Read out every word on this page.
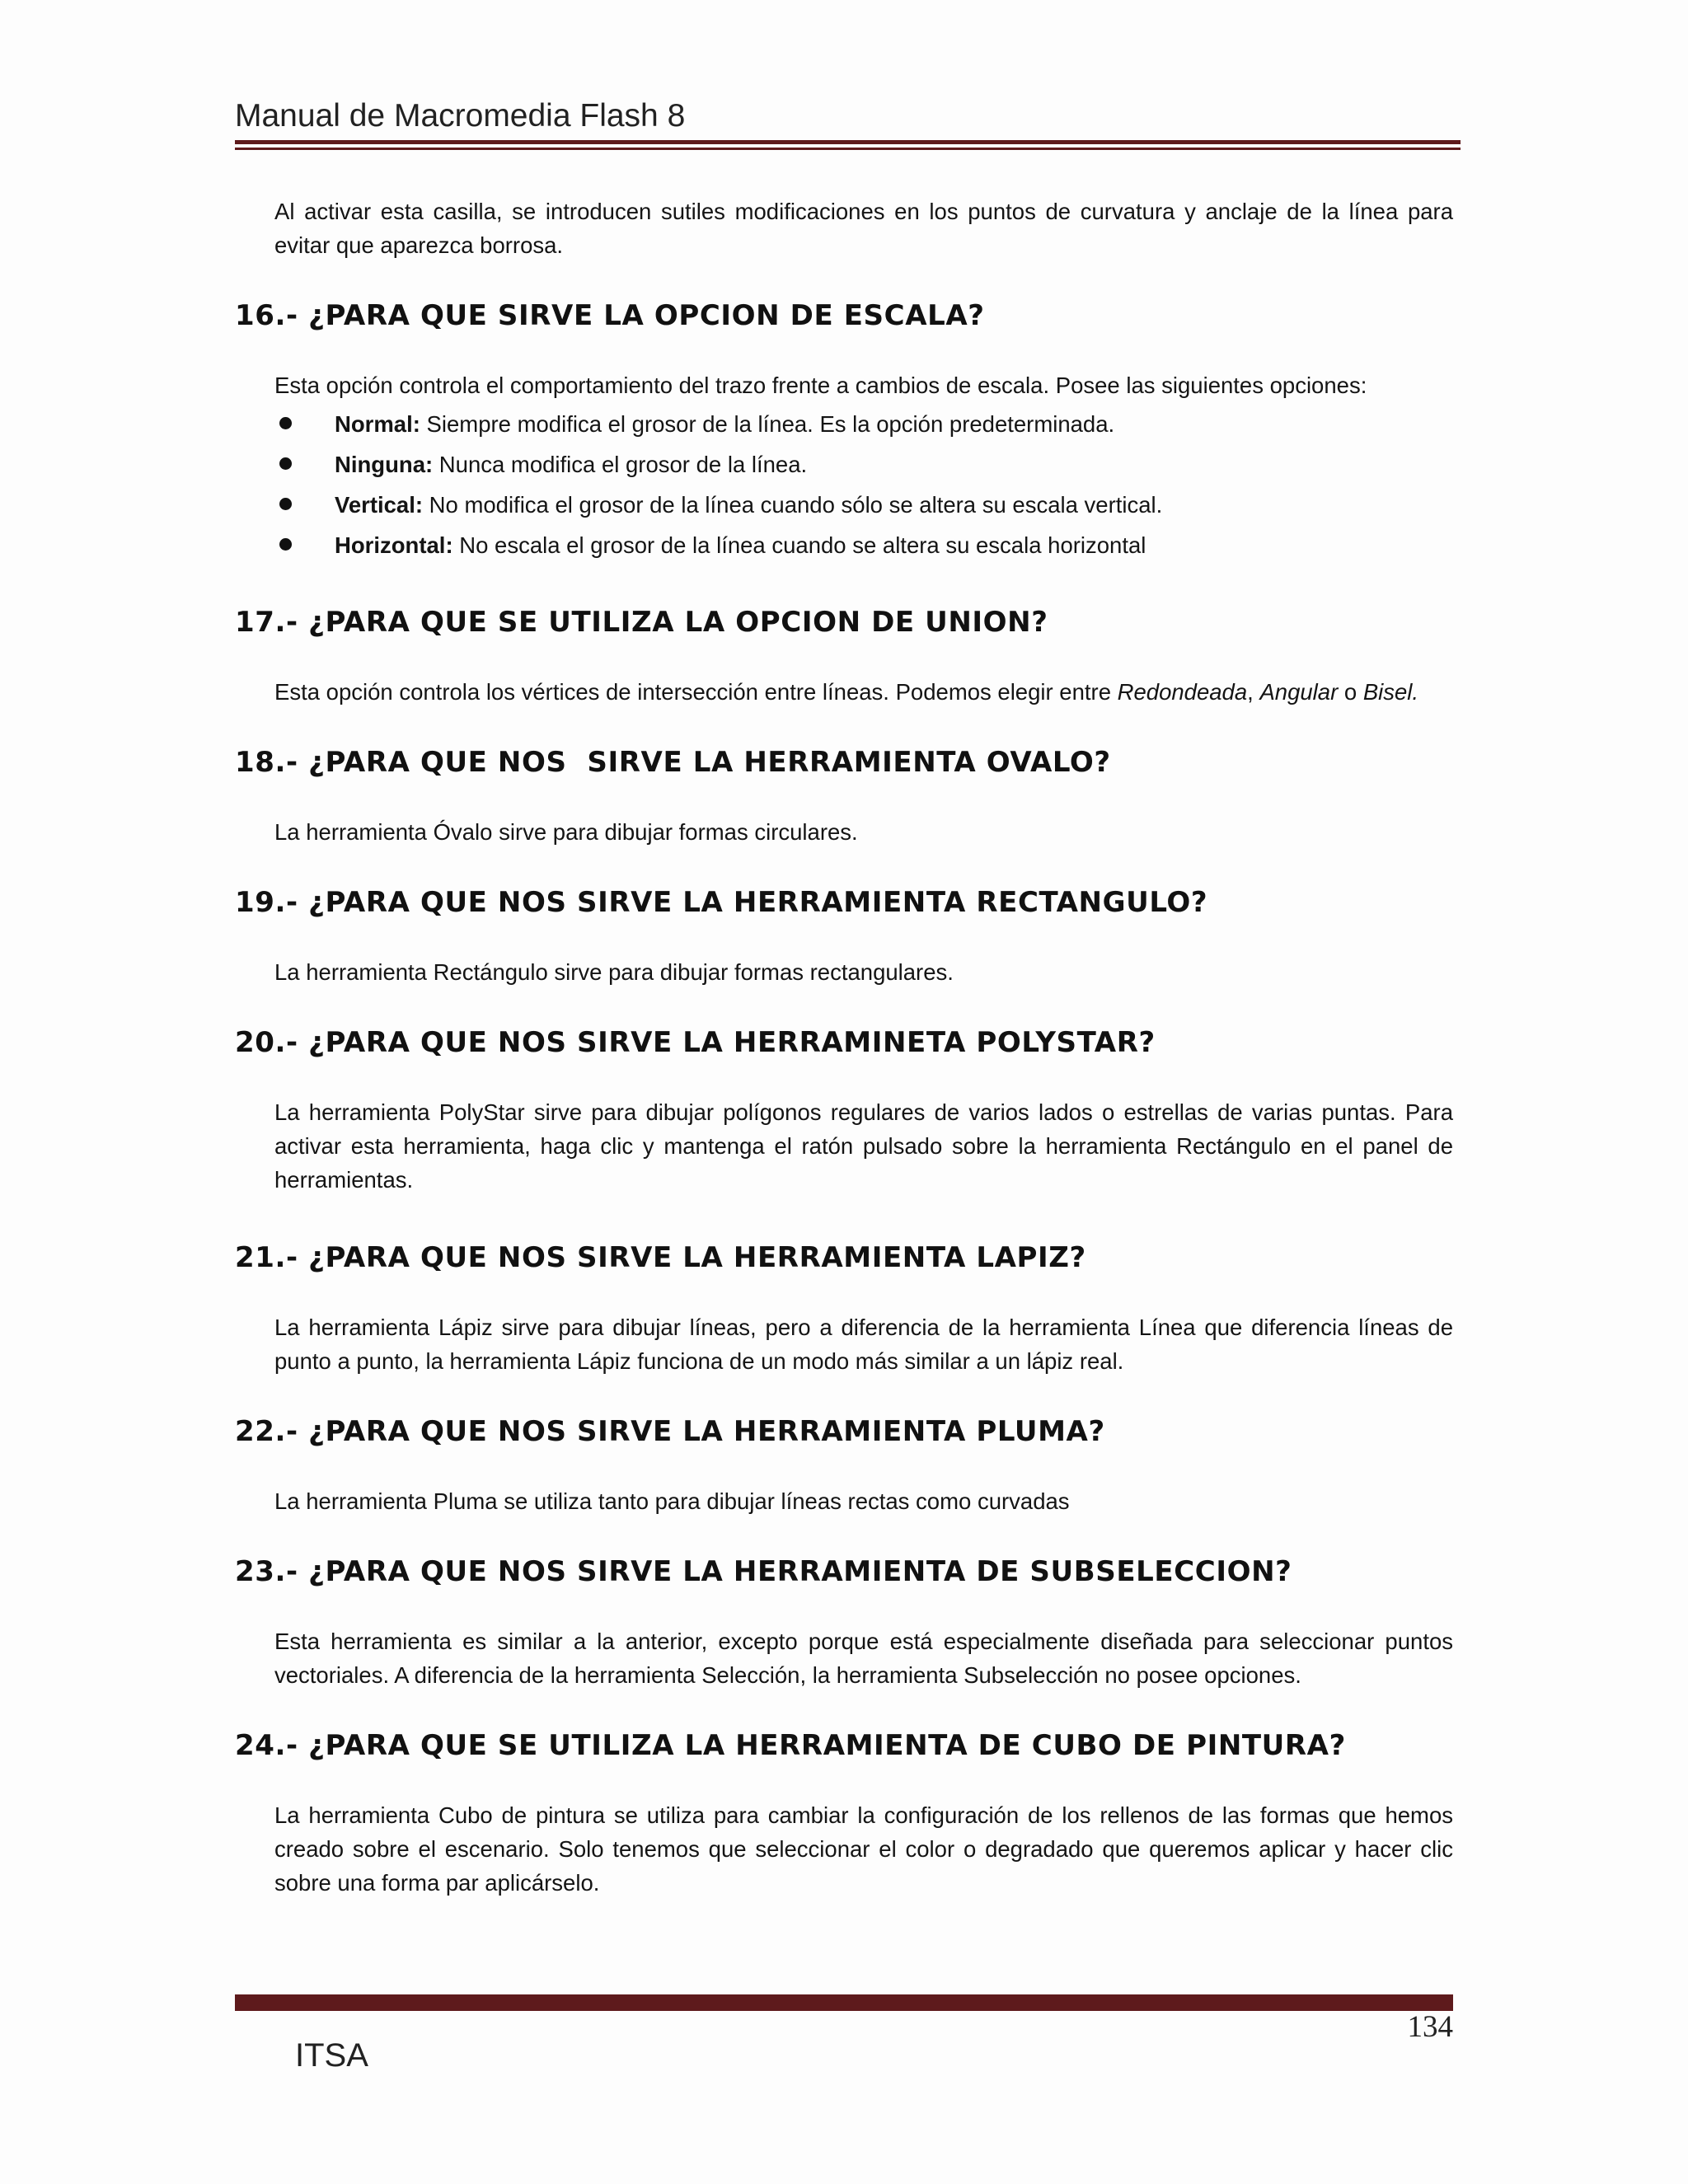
Manual de Macromedia Flash 8

Al activar esta casilla, se introducen sutiles modificaciones en los puntos de curvatura y anclaje de la línea para evitar que aparezca borrosa.

16.- ¿PARA QUE SIRVE LA OPCION DE ESCALA?

Esta opción controla el comportamiento del trazo frente a cambios de escala. Posee las siguientes opciones:

Normal: Siempre modifica el grosor de la línea. Es la opción predeterminada.
Ninguna: Nunca modifica el grosor de la línea.
Vertical: No modifica el grosor de la línea cuando sólo se altera su escala vertical.
Horizontal: No escala el grosor de la línea cuando se altera su escala horizontal
17.- ¿PARA QUE SE UTILIZA LA OPCION DE UNION?

Esta opción controla los vértices de intersección entre líneas. Podemos elegir entre Redondeada, Angular o Bisel.

18.- ¿PARA QUE NOS  SIRVE LA HERRAMIENTA OVALO?

La herramienta Óvalo sirve para dibujar formas circulares.

19.- ¿PARA QUE NOS SIRVE LA HERRAMIENTA RECTANGULO?

La herramienta Rectángulo sirve para dibujar formas rectangulares.

20.- ¿PARA QUE NOS SIRVE LA HERRAMINETA POLYSTAR?

La herramienta PolyStar sirve para dibujar polígonos regulares de varios lados o estrellas de varias puntas. Para activar esta herramienta, haga clic y mantenga el ratón pulsado sobre la herramienta Rectángulo en el panel de herramientas.

21.- ¿PARA QUE NOS SIRVE LA HERRAMIENTA LAPIZ?

La herramienta Lápiz sirve para dibujar líneas, pero a diferencia de la herramienta Línea que diferencia líneas de punto a punto, la herramienta Lápiz funciona de un modo más similar a un lápiz real.

22.- ¿PARA QUE NOS SIRVE LA HERRAMIENTA PLUMA?

La herramienta Pluma se utiliza tanto para dibujar líneas rectas como curvadas

23.- ¿PARA QUE NOS SIRVE LA HERRAMIENTA DE SUBSELECCION?

Esta herramienta es similar a la anterior, excepto porque está especialmente diseñada para seleccionar puntos vectoriales. A diferencia de la herramienta Selección, la herramienta Subselección no posee opciones.

24.- ¿PARA QUE SE UTILIZA LA HERRAMIENTA DE CUBO DE PINTURA?

La herramienta Cubo de pintura se utiliza para cambiar la configuración de los rellenos de las formas que hemos creado sobre el escenario. Solo tenemos que seleccionar el color o degradado que queremos aplicar y hacer clic sobre una forma par aplicárselo.

134
ITSA
